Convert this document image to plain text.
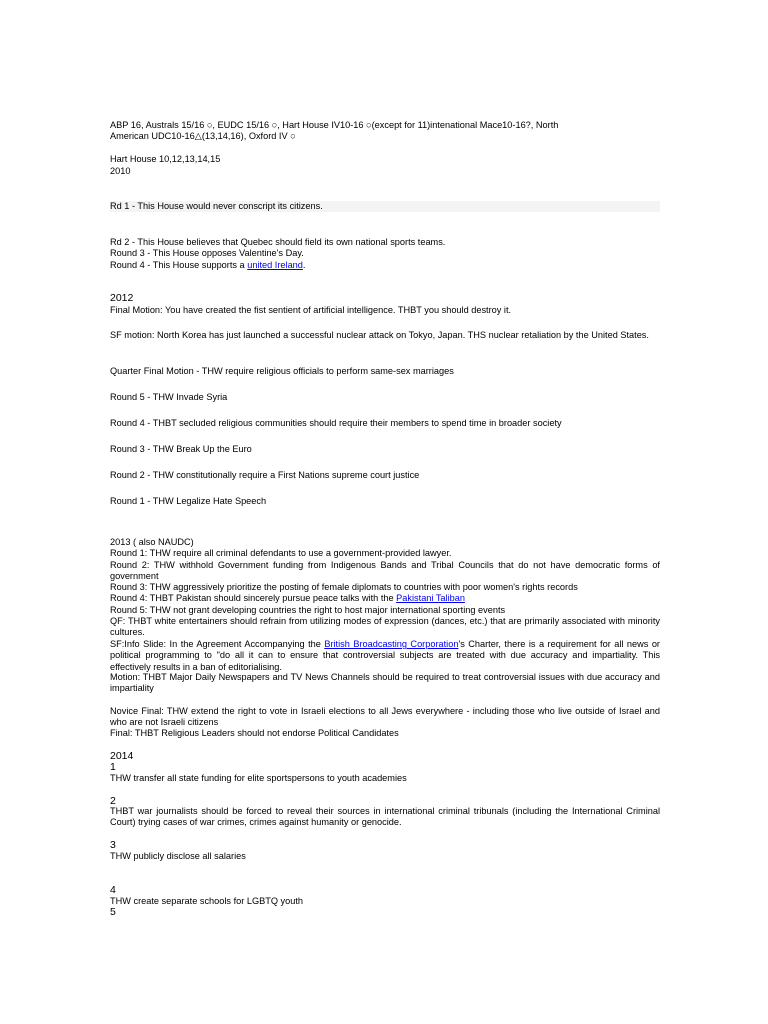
ABP 16, Australs 15/16 ○, EUDC 15/16 ○, Hart House IV10-16 ○(except for 11)intenational Mace10-16?, North
American UDC10-16△(13,14,16), Oxford IV ○
Hart House 10,12,13,14,15
2010
Rd 1 - This House would never conscript its citizens.
Rd 2 - This House believes that Quebec should field its own national sports teams.
Round 3 - This House opposes Valentine's Day.
Round 4 - This House supports a united Ireland.
2012
Final Motion: You have created the fist sentient of artificial intelligence. THBT you should destroy it.
SF motion: North Korea has just launched a successful nuclear attack on Tokyo, Japan. THS nuclear retaliation by the United States.
Quarter Final Motion - THW require religious officials to perform same-sex marriages
Round 5 - THW Invade Syria
Round 4 - THBT secluded religious communities should require their members to spend time in broader society
Round 3 - THW Break Up the Euro
Round 2 - THW constitutionally require a First Nations supreme court justice
Round 1 - THW Legalize Hate Speech
2013 ( also NAUDC)
Round 1: THW require all criminal defendants to use a government-provided lawyer.
Round 2: THW withhold Government funding from Indigenous Bands and Tribal Councils that do not have democratic forms of government
Round 3: THW aggressively prioritize the posting of female diplomats to countries with poor women's rights records
Round 4: THBT Pakistan should sincerely pursue peace talks with the Pakistani Taliban
Round 5: THW not grant developing countries the right to host major international sporting events
QF: THBT white entertainers should refrain from utilizing modes of expression (dances, etc.) that are primarily associated with minority cultures.
SF:Info Slide: In the Agreement Accompanying the British Broadcasting Corporation's Charter, there is a requirement for all news or political programming to "do all it can to ensure that controversial subjects are treated with due accuracy and impartiality. This effectively results in a ban of editorialising.
Motion: THBT Major Daily Newspapers and TV News Channels should be required to treat controversial issues with due accuracy and impartiality
Novice Final: THW extend the right to vote in Israeli elections to all Jews everywhere - including those who live outside of Israel and who are not Israeli citizens
Final: THBT Religious Leaders should not endorse Political Candidates
2014
1
THW transfer all state funding for elite sportspersons to youth academies
2
THBT war journalists should be forced to reveal their sources in international criminal tribunals (including the International Criminal Court) trying cases of war crimes, crimes against humanity or genocide.
3
THW publicly disclose all salaries
4
THW create separate schools for LGBTQ youth
5
